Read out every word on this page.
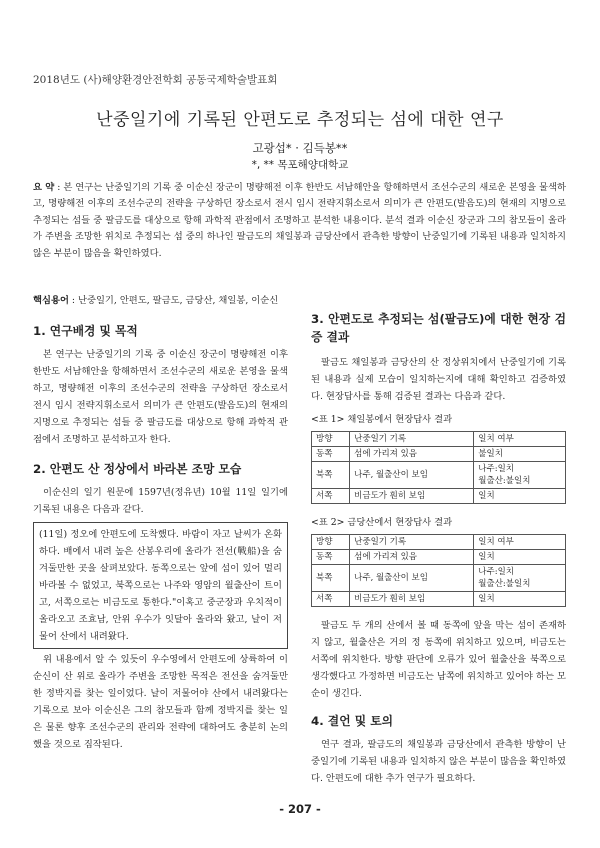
2018년도 (사)해양환경안전학회 공동국제학술발표회
난중일기에 기록된 안편도로 추정되는 섬에 대한 연구
고광섭* · 김득봉**
*, ** 목포해양대학교
요 약 : 본 연구는 난중일기의 기록 중 이순신 장군이 명량해전 이후 한반도 서남해안을 항해하면서 조선수군의 새로운 본영을 물색하고, 명량해전 이후의 조선수군의 전략을 구상하던 장소로서 전시 임시 전략지휘소로서 의미가 큰 안편도(발음도)의 현재의 지명으로 추정되는 섬들 중 팔금도를 대상으로 항해 과학적 관점에서 조명하고 분석한 내용이다. 분석 결과 이순신 장군과 그의 참모들이 올라가 주변을 조망한 위치로 추정되는 섬 중의 하나인 팔금도의 채일봉과 금당산에서 관측한 방향이 난중일기에 기록된 내용과 일치하지 않은 부분이 많음을 확인하였다.
핵심용어 : 난중일기, 안편도, 팔금도, 금당산, 채일봉, 이순신
1. 연구배경 및 목적
본 연구는 난중일기의 기록 중 이순신 장군이 명량해전 이후 한반도 서남해안을 항해하면서 조선수군의 새로운 본영을 물색하고, 명량해전 이후의 조선수군의 전략을 구상하던 장소로서 전시 임시 전략지휘소로서 의미가 큰 안편도(발음도)의 현재의 지명으로 추정되는 섬들 중 팔금도를 대상으로 항해 과학적 관점에서 조명하고 분석하고자 한다.
2. 안편도 산 정상에서 바라본 조망 모습
이순신의 일기 원문에 1597년(정유년) 10월 11일 일기에 기록된 내용은 다음과 같다.
(11일) 정오에 안편도에 도착했다. 바람이 자고 날씨가 온화하다. 배에서 내려 높은 산봉우리에 올라가 전선(戰船)을 숨겨둘만한 곳을 살펴보았다. 동쪽으로는 앞에 섬이 있어 멀리 바라볼 수 없었고, 북쪽으로는 나주와 영암의 월출산이 트이고, 서쪽으로는 비금도로 통한다."이혹고 중군장과 우치적이 올라오고 조효남, 안위 우수가 잇달아 올라와 왔고, 날이 저물어 산에서 내려왔다.
위 내용에서 알 수 있듯이 우수영에서 안편도에 상륙하여 이순신이 산 위로 올라가 주변을 조망한 목적은 전선을 숨겨둘만한 정박지를 찾는 일이었다. 날이 저물어야 산에서 내려왔다는 기록으로 보아 이순신은 그의 참모들과 함께 정박지를 찾는 일은 물론 향후 조선수군의 관리와 전략에 대하여도 충분히 논의했을 것으로 짐작된다.
3. 안편도로 추정되는 섬(팔금도)에 대한 현장 검증 결과
팔금도 채일봉과 금당산의 산 정상위치에서 난중일기에 기록된 내용과 실제 모습이 일치하는지에 대해 확인하고 검증하였다. 현장답사를 통해 검증된 결과는 다음과 같다.
<표 1> 채일봉에서 현장답사 결과
방향	난중일기 기록	일치 여부
동쪽	섬에 가리져 있음	불일치
북쪽	나주, 월출산이 보임	나주:일치
월출산:불일치
서쪽	비금도가 훤히 보임	일치
<표 2> 금당산에서 현장답사 결과
방향	난중일기 기록	일치 여부
동쪽	섬에 가리져 있음	일치
북쪽	나주, 월출산이 보임	나주:일치
월출산:불일치
서쪽	비금도가 훤히 보임	일치
팔금도 두 개의 산에서 볼 때 동쪽에 앞을 막는 섬이 존재하지 않고, 월출산은 거의 정 동쪽에 위치하고 있으며, 비금도는 서쪽에 위치한다. 방향 판단에 오류가 있어 월출산을 북쪽으로 생각했다고 가정하면 비금도는 남쪽에 위치하고 있어야 하는 모순이 생긴다.
4. 결언 및 토의
연구 결과, 팔금도의 채일봉과 금당산에서 관측한 방향이 난중일기에 기록된 내용과 일치하지 않은 부분이 많음을 확인하였다. 안편도에 대한 추가 연구가 필요하다.
- 207 -
